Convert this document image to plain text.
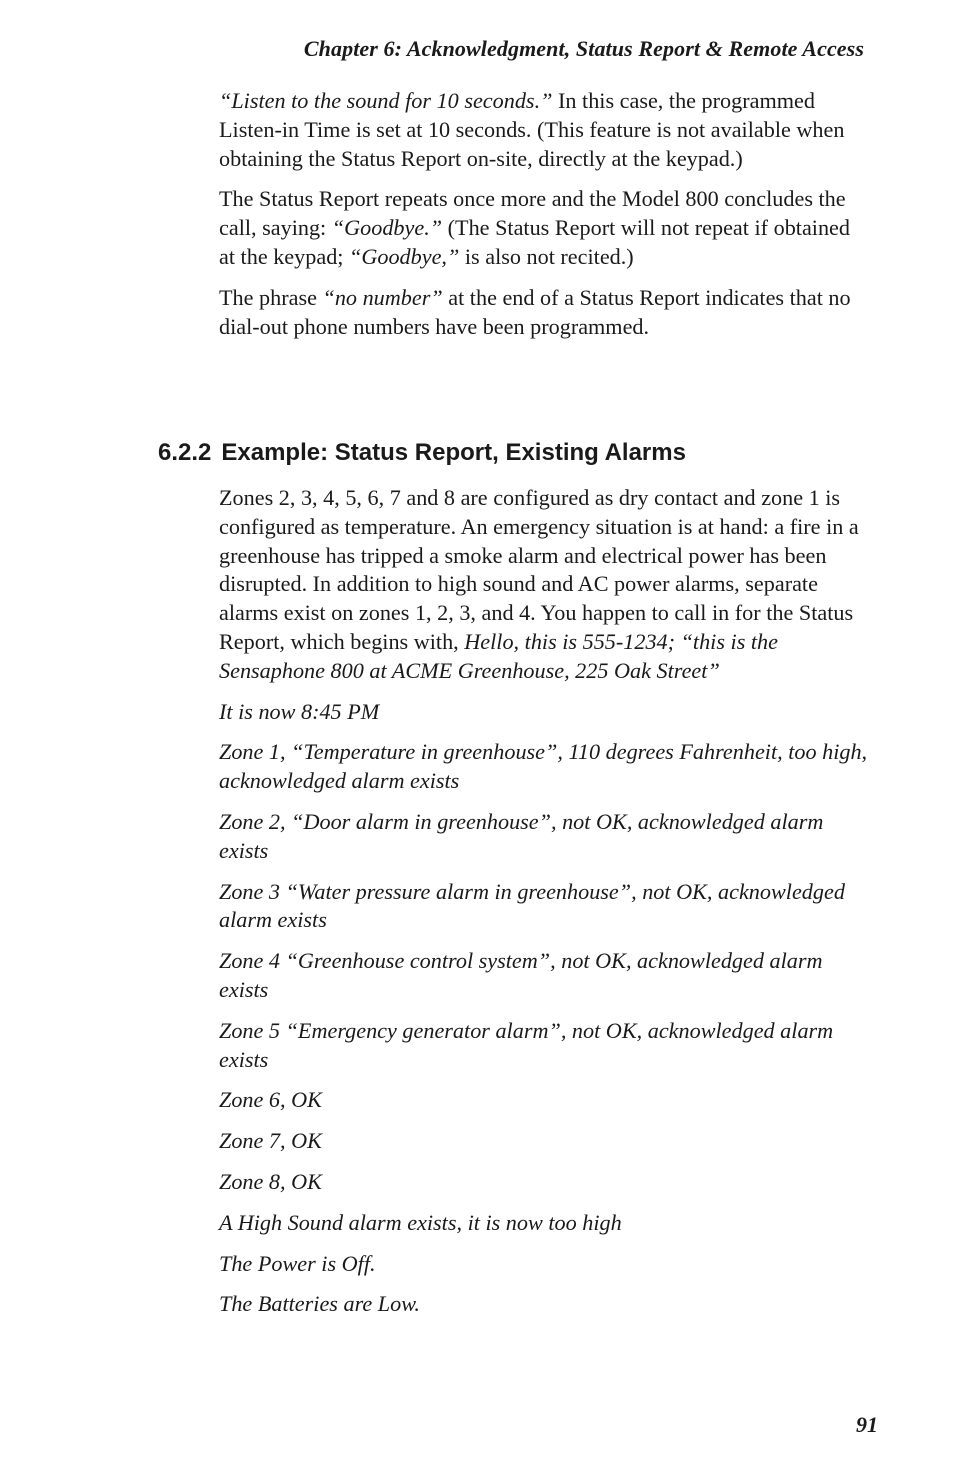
Chapter 6: Acknowledgment, Status Report & Remote Access

“Listen to the sound for 10 seconds.” In this case, the programmed Listen-in Time is set at 10 seconds. (This feature is not available when obtaining the Status Report on-site, directly at the keypad.)

The Status Report repeats once more and the Model 800 concludes the call, saying: “Goodbye.” (The Status Report will not repeat if obtained at the keypad; “Goodbye,” is also not recited.)

The phrase “no number” at the end of a Status Report indicates that no dial-out phone numbers have been programmed.

6.2.2 Example: Status Report, Existing Alarms

Zones 2, 3, 4, 5, 6, 7 and 8 are configured as dry contact and zone 1 is configured as temperature. An emergency situation is at hand: a fire in a greenhouse has tripped a smoke alarm and electrical power has been disrupted. In addition to high sound and AC power alarms, separate alarms exist on zones 1, 2, 3, and 4. You happen to call in for the Status Report, which begins with, Hello, this is 555-1234; “this is the Sensaphone 800 at ACME Greenhouse, 225 Oak Street”

It is now 8:45 PM

Zone 1, “Temperature in greenhouse”, 110 degrees Fahrenheit, too high, acknowledged alarm exists

Zone 2, “Door alarm in greenhouse”, not OK, acknowledged alarm exists

Zone 3 “Water pressure alarm in greenhouse”, not OK, acknowledged alarm exists

Zone 4 “Greenhouse control system”, not OK, acknowledged alarm exists

Zone 5 “Emergency generator alarm”, not OK, acknowledged alarm exists

Zone 6, OK

Zone 7, OK

Zone 8, OK

A High Sound alarm exists, it is now too high

The Power is Off.

The Batteries are Low.

91
